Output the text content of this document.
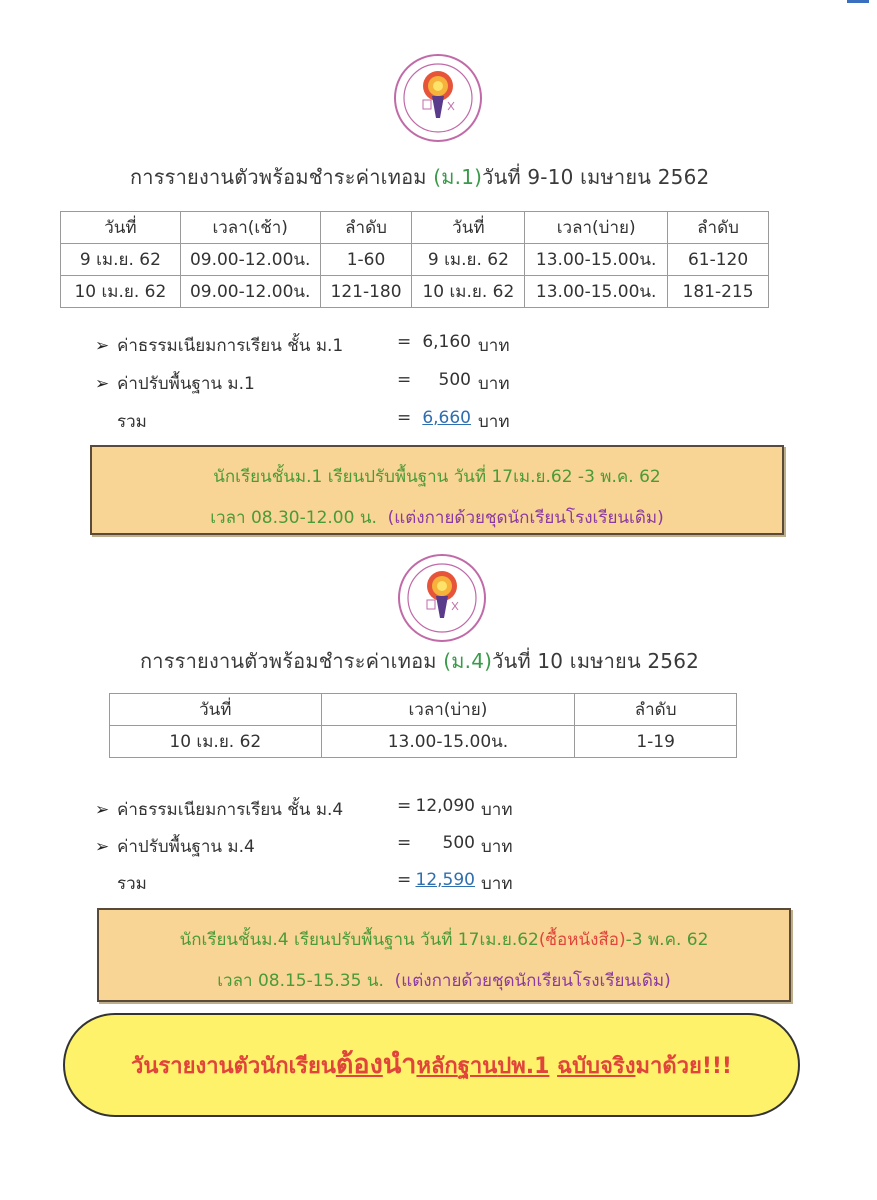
การรายงานตัวพร้อมชำระค่าเทอม (ม.1)วันที่ 9-10 เมษายน 2562
วันที่	เวลา(เช้า)	ลำดับ	วันที่	เวลา(บ่าย)	ลำดับ
9 เม.ย. 62	09.00-12.00น.	1-60	9 เม.ย. 62	13.00-15.00น.	61-120
10 เม.ย. 62	09.00-12.00น.	121-180	10 เม.ย. 62	13.00-15.00น.	181-215
➢ ค่าธรรมเนียมการเรียน ชั้น ม.1	= 6,160 บาท
➢ ค่าปรับพื้นฐาน ม.1	=	500 บาท
รวม	= 6,660 บาท
นักเรียนชั้นม.1 เรียนปรับพื้นฐาน วันที่ 17เม.ย.62 -3 พ.ค. 62
เวลา 08.30-12.00 น. (แต่งกายด้วยชุดนักเรียนโรงเรียนเดิม)
การรายงานตัวพร้อมชำระค่าเทอม (ม.4)วันที่ 10 เมษายน 2562
วันที่	เวลา(บ่าย)	ลำดับ
10 เม.ย. 62	13.00-15.00น.	1-19
➢ ค่าธรรมเนียมการเรียน ชั้น ม.4	= 12,090 บาท
➢ ค่าปรับพื้นฐาน ม.4	=	500 บาท
รวม	= 12,590 บาท
นักเรียนชั้นม.4 เรียนปรับพื้นฐาน วันที่ 17เม.ย.62(ซื้อหนังสือ)-3 พ.ค. 62
เวลา 08.15-15.35 น. (แต่งกายด้วยชุดนักเรียนโรงเรียนเดิม)
วันรายงานตัวนักเรียนต้องนำหลักฐานปพ.1 ฉบับจริงมาด้วย!!!
